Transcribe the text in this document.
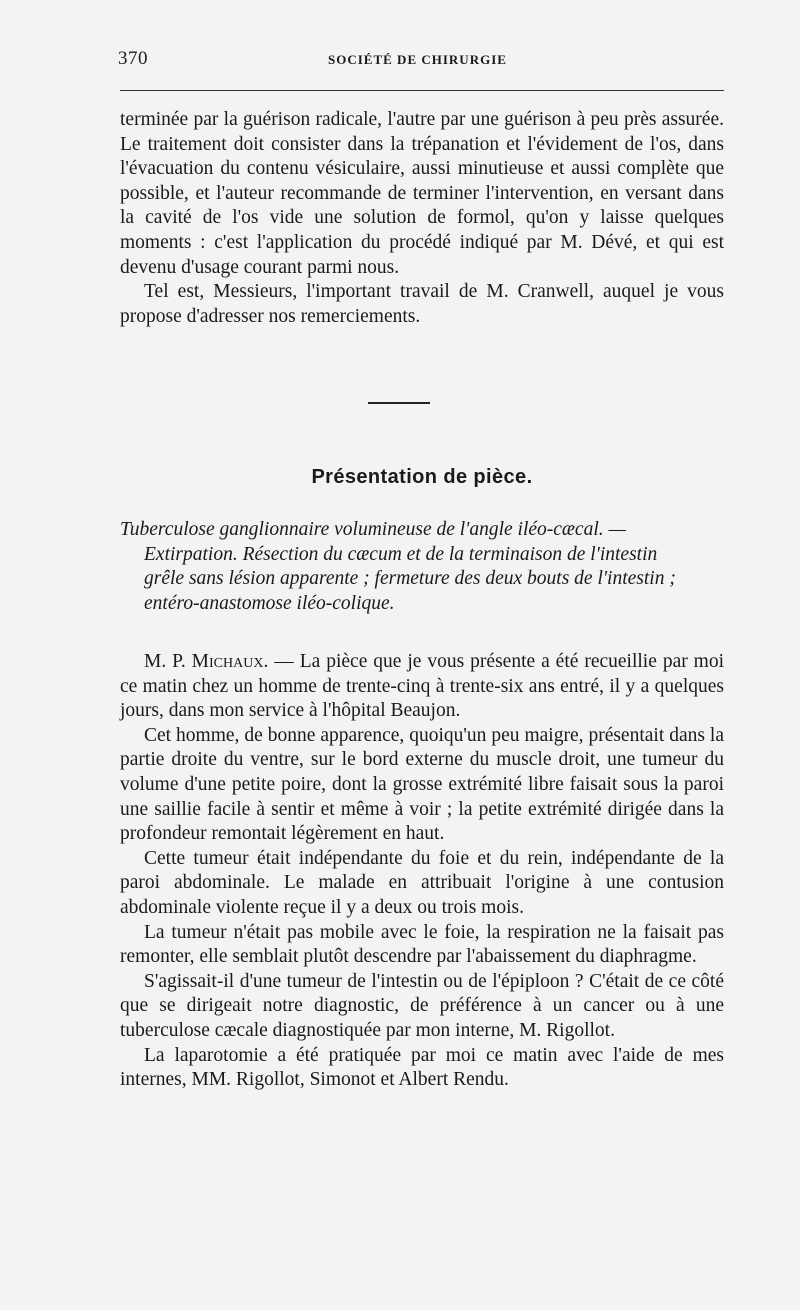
370	SOCIÉTÉ DE CHIRURGIE

terminée par la guérison radicale, l'autre par une guérison à peu près assurée. Le traitement doit consister dans la trépanation et l'évidement de l'os, dans l'évacuation du contenu vésiculaire, aussi minutieuse et aussi complète que possible, et l'auteur recommande de terminer l'intervention, en versant dans la cavité de l'os vide une solution de formol, qu'on y laisse quelques moments : c'est l'application du procédé indiqué par M. Dévé, et qui est devenu d'usage courant parmi nous.

Tel est, Messieurs, l'important travail de M. Cranwell, auquel je vous propose d'adresser nos remerciements.

Présentation de pièce.
Tuberculose ganglionnaire volumineuse de l'angle iléo-cæcal. —
Extirpation. Résection du cæcum et de la terminaison de l'intestin
grêle sans lésion apparente ; fermeture des deux bouts de l'intestin ;
entéro-anastomose iléo-colique.

M. P. Michaux. — La pièce que je vous présente a été recueillie par moi ce matin chez un homme de trente-cinq à trente-six ans entré, il y a quelques jours, dans mon service à l'hôpital Beaujon.

Cet homme, de bonne apparence, quoiqu'un peu maigre, présentait dans la partie droite du ventre, sur le bord externe du muscle droit, une tumeur du volume d'une petite poire, dont la grosse extrémité libre faisait sous la paroi une saillie facile à sentir et même à voir ; la petite extrémité dirigée dans la profondeur remontait légèrement en haut.

Cette tumeur était indépendante du foie et du rein, indépendante de la paroi abdominale. Le malade en attribuait l'origine à une contusion abdominale violente reçue il y a deux ou trois mois.

La tumeur n'était pas mobile avec le foie, la respiration ne la faisait pas remonter, elle semblait plutôt descendre par l'abaissement du diaphragme.

S'agissait-il d'une tumeur de l'intestin ou de l'épiploon ? C'était de ce côté que se dirigeait notre diagnostic, de préférence à un cancer ou à une tuberculose cæcale diagnostiquée par mon interne, M. Rigollot.

La laparotomie a été pratiquée par moi ce matin avec l'aide de mes internes, MM. Rigollot, Simonot et Albert Rendu.
